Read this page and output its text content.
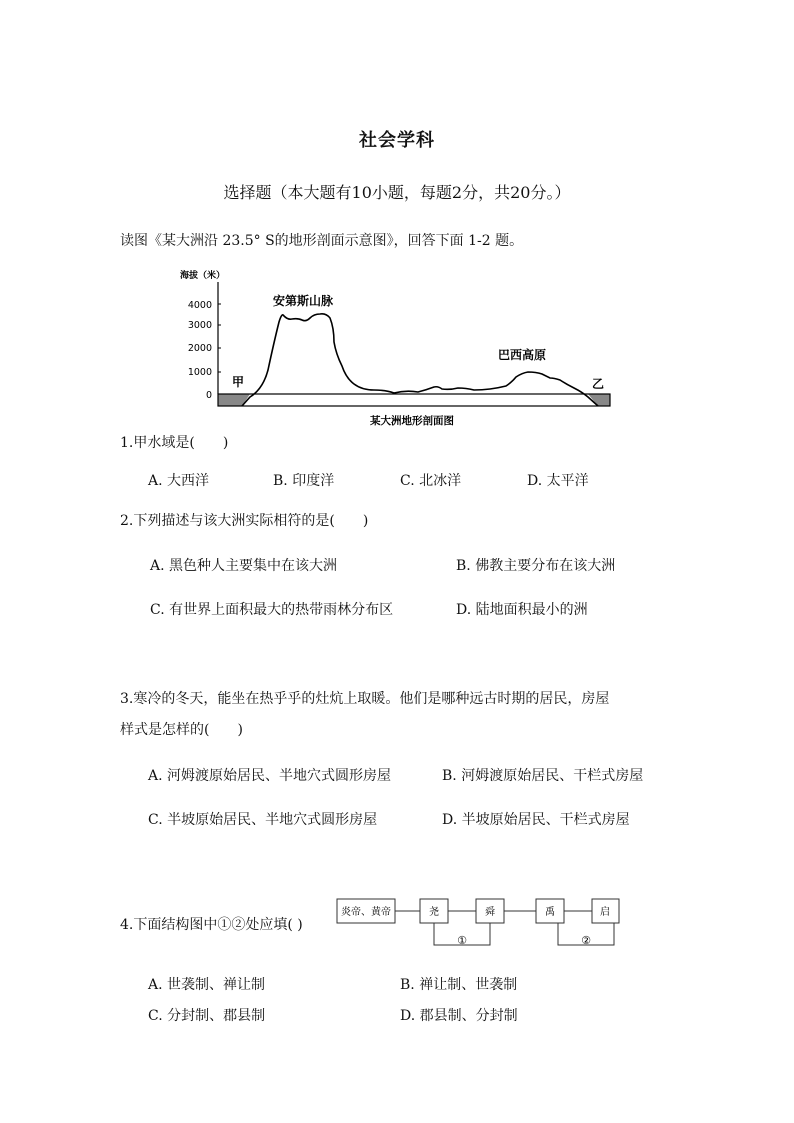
社会学科
选择题（本大题有10小题，每题2分，共20分。）
读图《某大洲沿 23.5° S的地形剖面示意图》，回答下面 1-2 题。
海拔（米）
4000
3000
2000
1000
0
安第斯山脉
巴西高原
甲	乙
某大洲地形剖面图
1.甲水域是(　　)
A. 大西洋	B. 印度洋	C. 北冰洋	D. 太平洋
2.下列描述与该大洲实际相符的是(　　)
A. 黑色种人主要集中在该大洲	B. 佛教主要分布在该大洲
C. 有世界上面积最大的热带雨林分布区	D. 陆地面积最小的洲
3.寒冷的冬天，能坐在热乎乎的灶炕上取暖。他们是哪种远古时期的居民，房屋
样式是怎样的(　　)
A. 河姆渡原始居民、半地穴式圆形房屋	B. 河姆渡原始居民、干栏式房屋
C. 半坡原始居民、半地穴式圆形房屋	D. 半坡原始居民、干栏式房屋
4.下面结构图中①②处应填( )
炎帝、黄帝	尧	舜	禹	启
①	②
A. 世袭制、禅让制	B. 禅让制、世袭制
C. 分封制、郡县制	D. 郡县制、分封制
